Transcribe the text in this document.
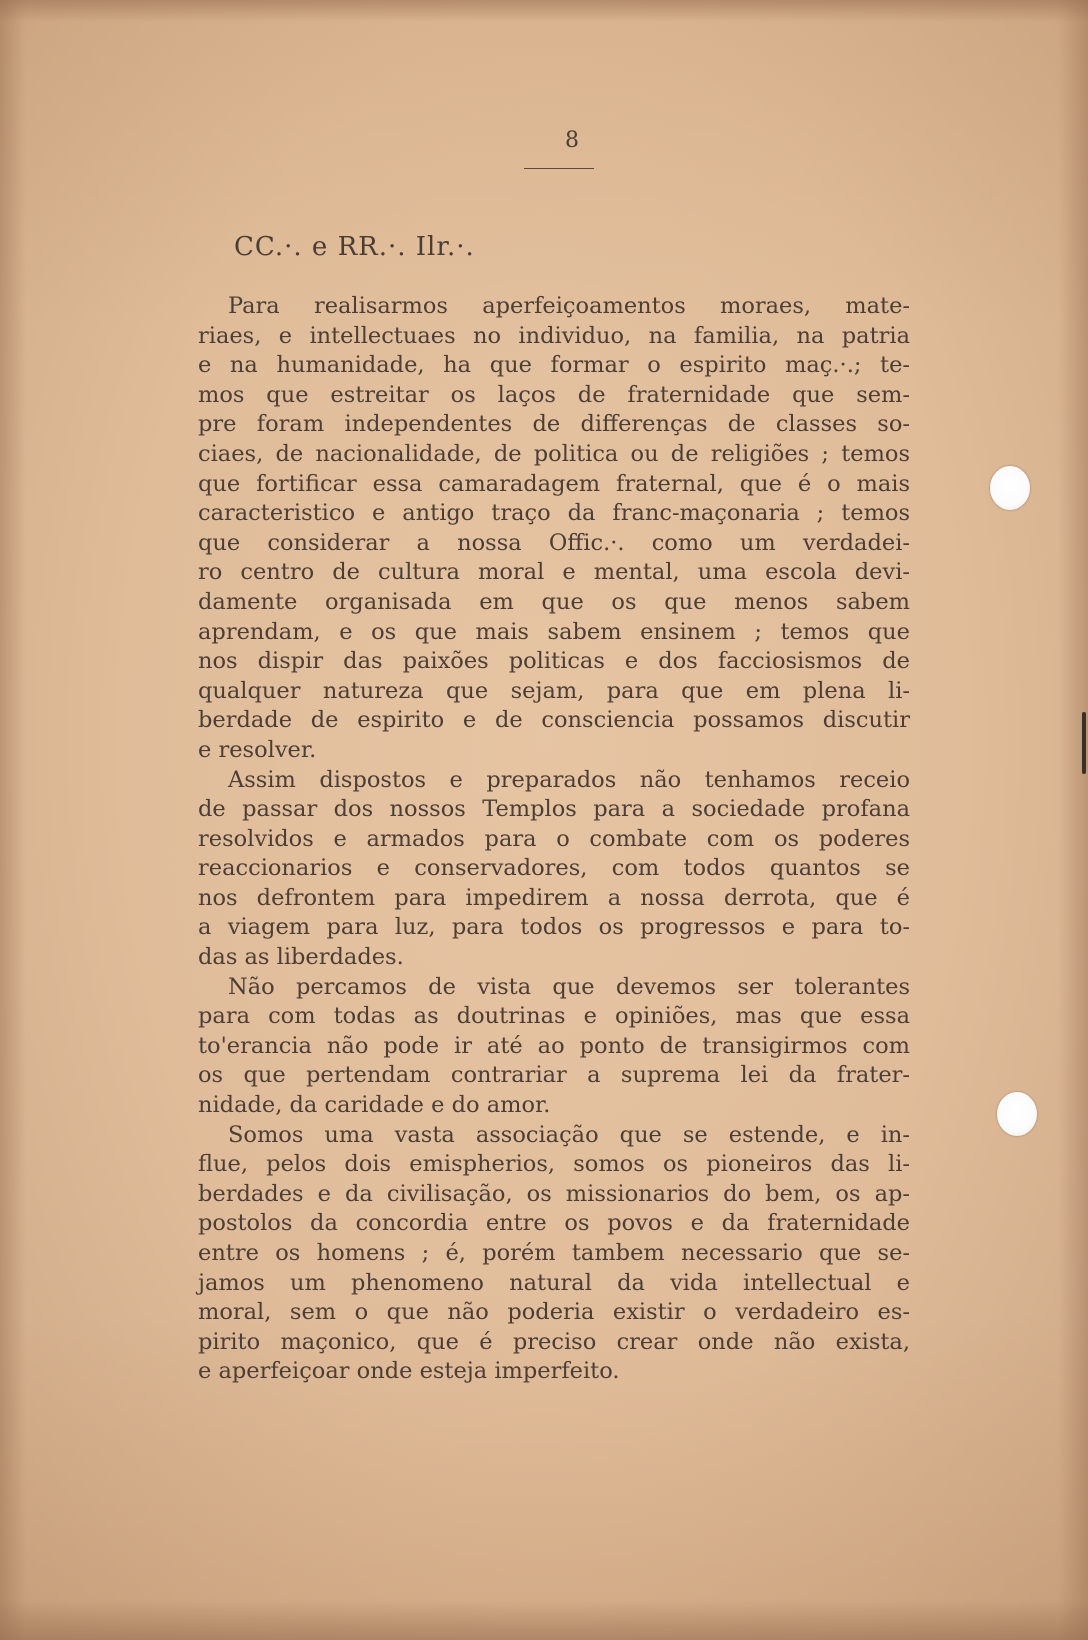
8
CC.·. e RR.·. Ilr.·.
Para realisarmos aperfeiçoamentos moraes, mate-
riaes, e intellectuaes no individuo, na familia, na patria
e na humanidade, ha que formar o espirito maç.·.; te-
mos que estreitar os laços de fraternidade que sem-
pre foram independentes de differenças de classes so-
ciaes, de nacionalidade, de politica ou de religiões ; temos
que fortificar essa camaradagem fraternal, que é o mais
caracteristico e antigo traço da franc-maçonaria ; temos
que considerar a nossa Offic.·. como um verdadei-
ro centro de cultura moral e mental, uma escola devi-
damente organisada em que os que menos sabem
aprendam, e os que mais sabem ensinem ; temos que
nos dispir das paixões politicas e dos facciosismos de
qualquer natureza que sejam, para que em plena li-
berdade de espirito e de consciencia possamos discutir
e resolver.
Assim dispostos e preparados não tenhamos receio
de passar dos nossos Templos para a sociedade profana
resolvidos e armados para o combate com os poderes
reaccionarios e conservadores, com todos quantos se
nos defrontem para impedirem a nossa derrota, que é
a viagem para luz, para todos os progressos e para to-
das as liberdades.
Não percamos de vista que devemos ser tolerantes
para com todas as doutrinas e opiniões, mas que essa
to'erancia não pode ir até ao ponto de transigirmos com
os que pertendam contrariar a suprema lei da frater-
nidade, da caridade e do amor.
Somos uma vasta associação que se estende, e in-
flue, pelos dois emispherios, somos os pioneiros das li-
berdades e da civilisação, os missionarios do bem, os ap-
postolos da concordia entre os povos e da fraternidade
entre os homens ; é, porém tambem necessario que se-
jamos um phenomeno natural da vida intellectual e
moral, sem o que não poderia existir o verdadeiro es-
pirito maçonico, que é preciso crear onde não exista,
e aperfeiçoar onde esteja imperfeito.
